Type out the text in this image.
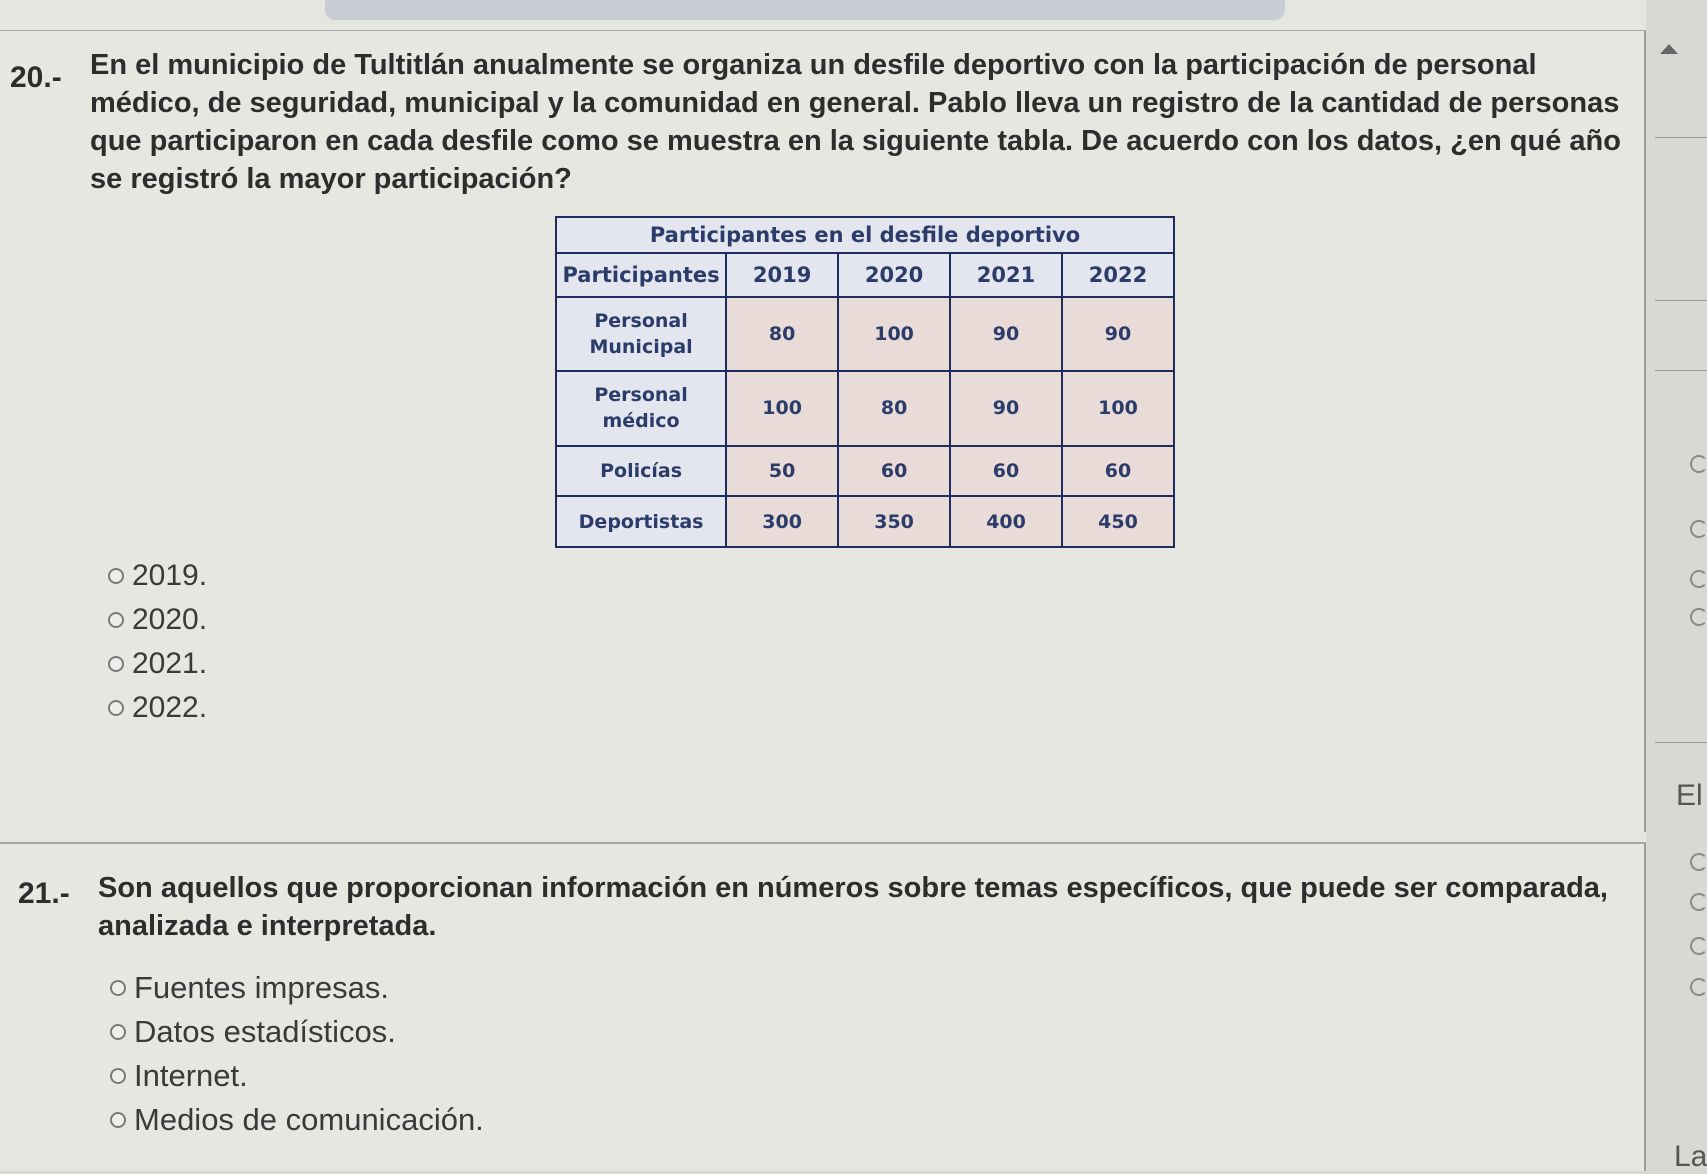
20.- En el municipio de Tultitlán anualmente se organiza un desfile deportivo con la participación de personal médico, de seguridad, municipal y la comunidad en general. Pablo lleva un registro de la cantidad de personas que participaron en cada desfile como se muestra en la siguiente tabla. De acuerdo con los datos, ¿en qué año se registró la mayor participación?

Participantes en el desfile deportivo
Participantes	2019	2020	2021	2022
Personal Municipal	80	100	90	90
Personal médico	100	80	90	100
Policías	50	60	60	60
Deportistas	300	350	400	450
2019.
2020.
2021.
2022.
21.- Son aquellos que proporcionan información en números sobre temas específicos, que puede ser comparada, analizada e interpretada.

Fuentes impresas.
Datos estadísticos.
Internet.
Medios de comunicación.
El
La
